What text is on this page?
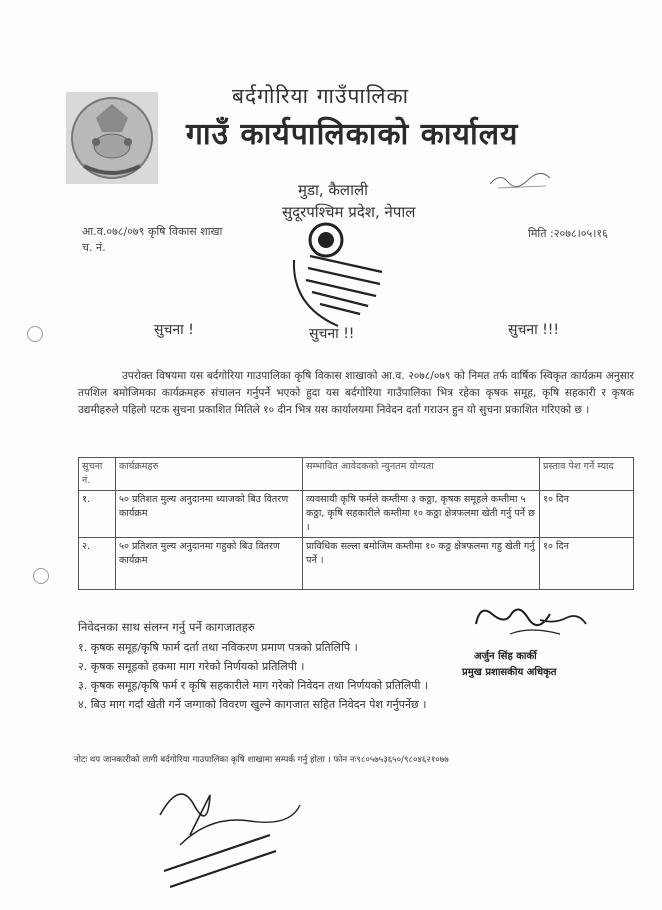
बर्दगोरिया गाउँपालिका
गाउँ कार्यपालिकाको कार्यालय
मुडा, कैलाली
सुदूरपश्चिम प्रदेश, नेपाल
आ.व.०७८/०७९ कृषि विकास शाखा
च. नं.
मिति :२०७८।०५।१६
सुचना !	सुचना !!	सुचना !!!
उपरोक्त विषयमा यस बर्दगोरिया गाउपालिका कृषि विकास शाखाको आ.व. २०७८/०७९ को निमत तर्फ वार्षिक स्विकृत कार्यक्रम अनुसार तपशिल बमोजिमका कार्यक्रमहरु संचालन गर्नुपर्ने भएको हुदा यस बर्दगोरिया गाउँपालिका भित्र रहेका कृषक समूह, कृषि सहकारी र कृषक उद्यमीहरुले पहिलो पटक सुचना प्रकाशित मितिले १० दीन भित्र यस कार्यालयमा निवेदन दर्ता गराउन हुन यो सुचना प्रकाशित गरिएको छ ।
सुचना नं.	कार्यक्रमहरु	सम्भावित आवेदकको न्युनतम योग्यता	प्रस्ताव पेश गर्ने म्याद
१.	५० प्रतिशत मुल्य अनुदानमा ध्याजको बिउ वितरण कार्यक्रम	व्यवसायी कृषि फर्मले कम्तीमा ३ कठ्ठा, कृषक समूहले कम्तीमा ५ कठ्ठा, कृषि सहकारीले कम्तीमा १० कठ्ठा क्षेत्रफलमा खेती गर्नु पर्ने छ ।	१० दिन
२.	५० प्रतिशत मुल्य अनुदानमा गहुको बिउ वितरण कार्यक्रम	प्राविधिक सल्ला बमोजिम कम्तीमा १० कठ्ठ क्षेत्रफलमा गहु खेती गर्नु पर्ने ।	१० दिन
निवेदनका साथ संलग्न गर्नु पर्ने कागजातहरु
१. कृषक समूह/कृषि फार्म दर्ता तथा नविकरण प्रमाण पत्रको प्रतिलिपि ।
२. कृषक समूहको हकमा माग गरेको निर्णयको प्रतिलिपी ।
३. कृषक समूह/कृषि फर्म र कृषि सहकारीले माग गरेको निवेदन तथा निर्णयको प्रतिलिपी ।
४. बिउ माग गर्दा खेती गर्ने जग्गाको विवरण खुल्ने कागजात सहित निवेदन पेश गर्नुपर्नेछ ।
अर्जुन सिंह कार्की
प्रमुख प्रशासकीय अधिकृत
नोटः थप जानकारीको लागी बर्दगोरिया गाउपालिका कृषि शाखामा सम्पर्क गर्नु होला । फोन नः९८०५७५३६५०/९८०४६२१०७७
